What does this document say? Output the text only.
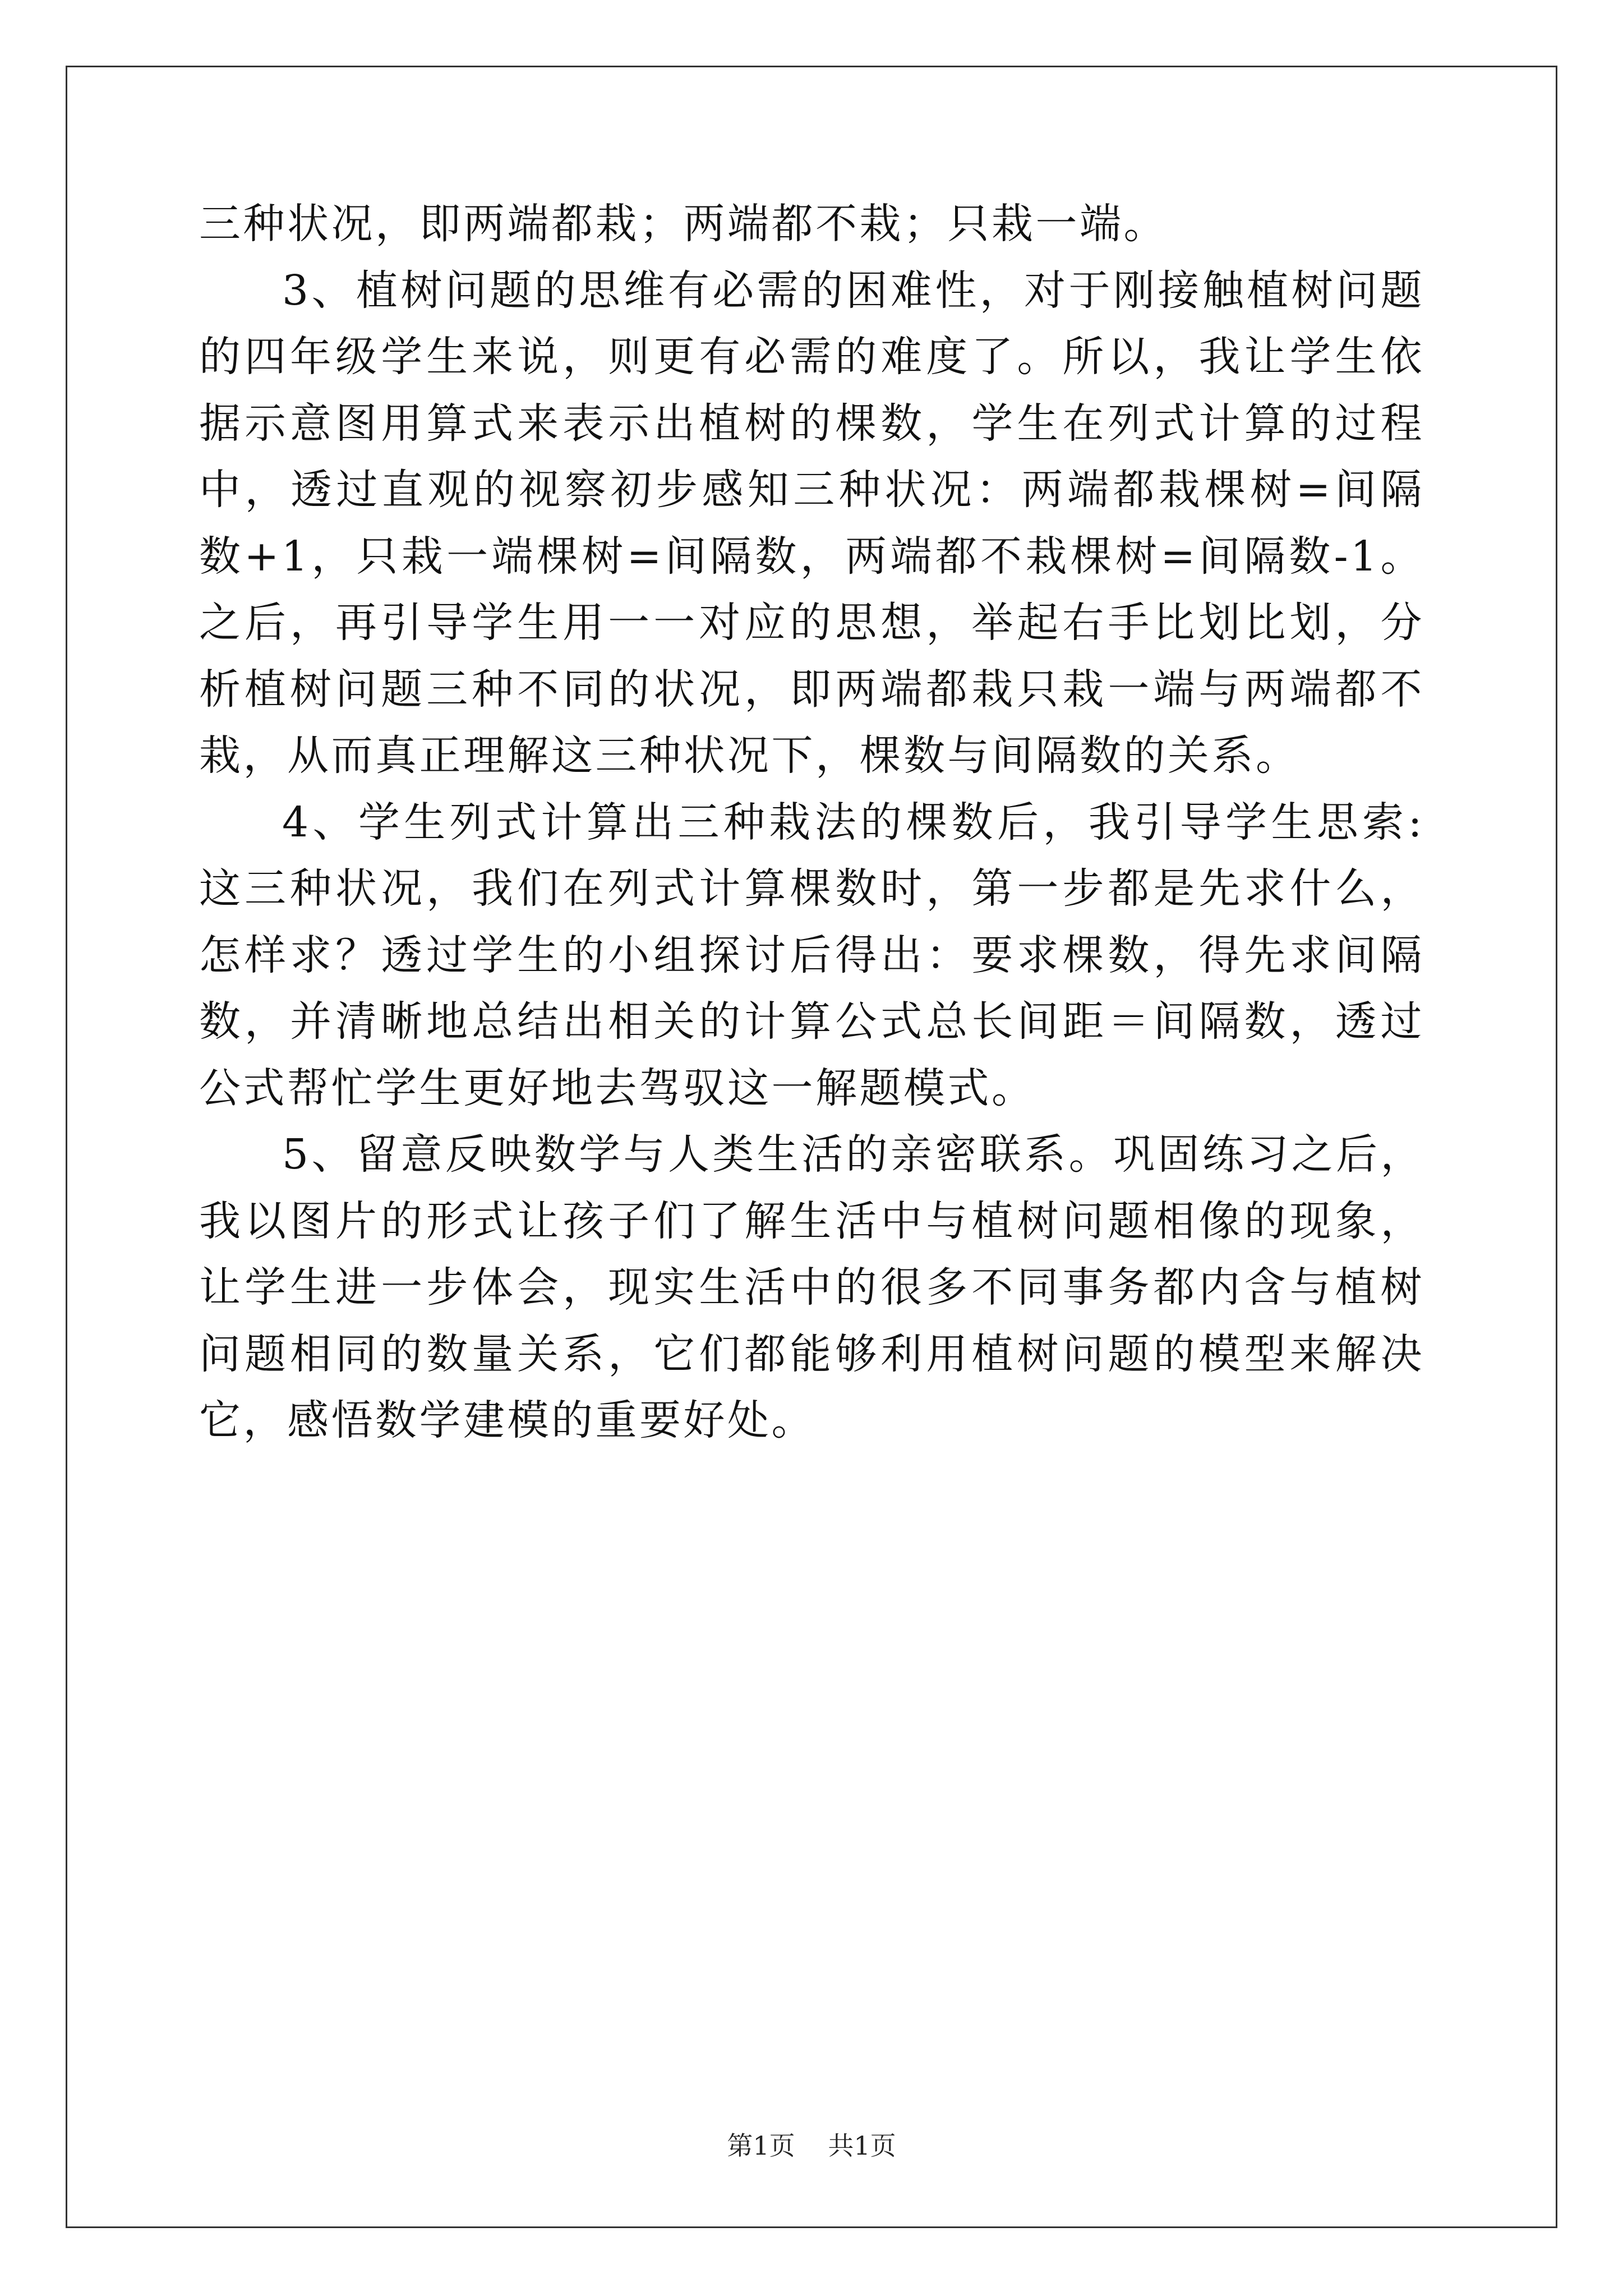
三种状况，即两端都栽；两端都不栽；只栽一端。

3、植树问题的思维有必需的困难性，对于刚接触植树问题的四年级学生来说，则更有必需的难度了。所以，我让学生依据示意图用算式来表示出植树的棵数，学生在列式计算的过程中，透过直观的视察初步感知三种状况：两端都栽棵树=间隔数+1，只栽一端棵树=间隔数，两端都不栽棵树=间隔数-1。之后，再引导学生用一一对应的思想，举起右手比划比划，分析植树问题三种不同的状况，即两端都栽只栽一端与两端都不栽，从而真正理解这三种状况下，棵数与间隔数的关系。

4、学生列式计算出三种栽法的棵数后，我引导学生思索:这三种状况，我们在列式计算棵数时，第一步都是先求什么，怎样求？透过学生的小组探讨后得出：要求棵数，得先求间隔数，并清晰地总结出相关的计算公式总长间距＝间隔数，透过公式帮忙学生更好地去驾驭这一解题模式。

5、留意反映数学与人类生活的亲密联系。巩固练习之后，我以图片的形式让孩子们了解生活中与植树问题相像的现象，让学生进一步体会，现实生活中的很多不同事务都内含与植树问题相同的数量关系，它们都能够利用植树问题的模型来解决它，感悟数学建模的重要好处。

第1页 共1页
